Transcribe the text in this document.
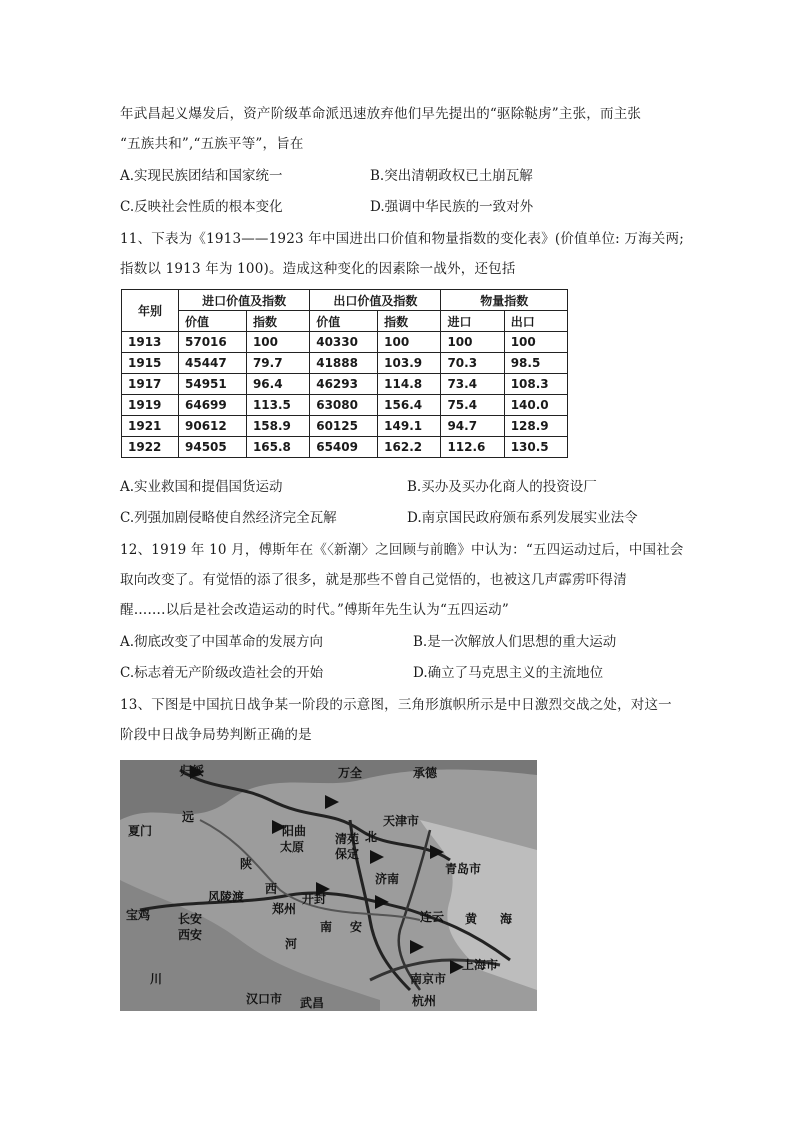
年武昌起义爆发后，资产阶级革命派迅速放弃他们早先提出的“驱除鞑虏”主张，而主张
“五族共和”,“五族平等”，旨在
A.实现民族团结和国家统一	B.突出清朝政权已土崩瓦解
C.反映社会性质的根本变化	D.强调中华民族的一致对外
11、下表为《1913——1923 年中国进出口价值和物量指数的变化表》(价值单位: 万海关两;
指数以 1913 年为 100)。造成这种变化的因素除一战外，还包括
年别	进口价值及指数		出口价值及指数		物量指数	
	价值	指数	价值	指数	进口	出口
1913	57016	100	40330	100	100	100
1915	45447	79.7	41888	103.9	70.3	98.5
1917	54951	96.4	46293	114.8	73.4	108.3
1919	64699	113.5	63080	156.4	75.4	140.0
1921	90612	158.9	60125	149.1	94.7	128.9
1922	94505	165.8	65409	162.2	112.6	130.5
A.实业救国和提倡国货运动	B.买办及买办化商人的投资设厂
C.列强加剧侵略使自然经济完全瓦解	D.南京国民政府颁布系列发展实业法令
12、1919 年 10 月，傅斯年在《〈新潮〉之回顾与前瞻》中认为：“五四运动过后，中国社会
取向改变了。有觉悟的添了很多，就是那些不曾自己觉悟的，也被这几声霹雳吓得清
醒…….以后是社会改造运动的时代。”傅斯年先生认为“五四运动”
A.彻底改变了中国革命的发展方向	B.是一次解放人们思想的重大运动
C.标志着无产阶级改造社会的开始	D.确立了马克思主义的主流地位
13、下图是中国抗日战争某一阶段的示意图，三角形旗帜所示是中日激烈交战之处，对这一
阶段中日战争局势判断正确的是
归绥	万全	承德
天津市
夏门
太原
阳曲
清苑
保定
济南
青岛市
风陵渡
郑州
开封
长安
西安
宝鸡
南 安
汉口市 武昌
南京市
上海市
杭州
黄 海
陕
西
河
川
北
远
连云
